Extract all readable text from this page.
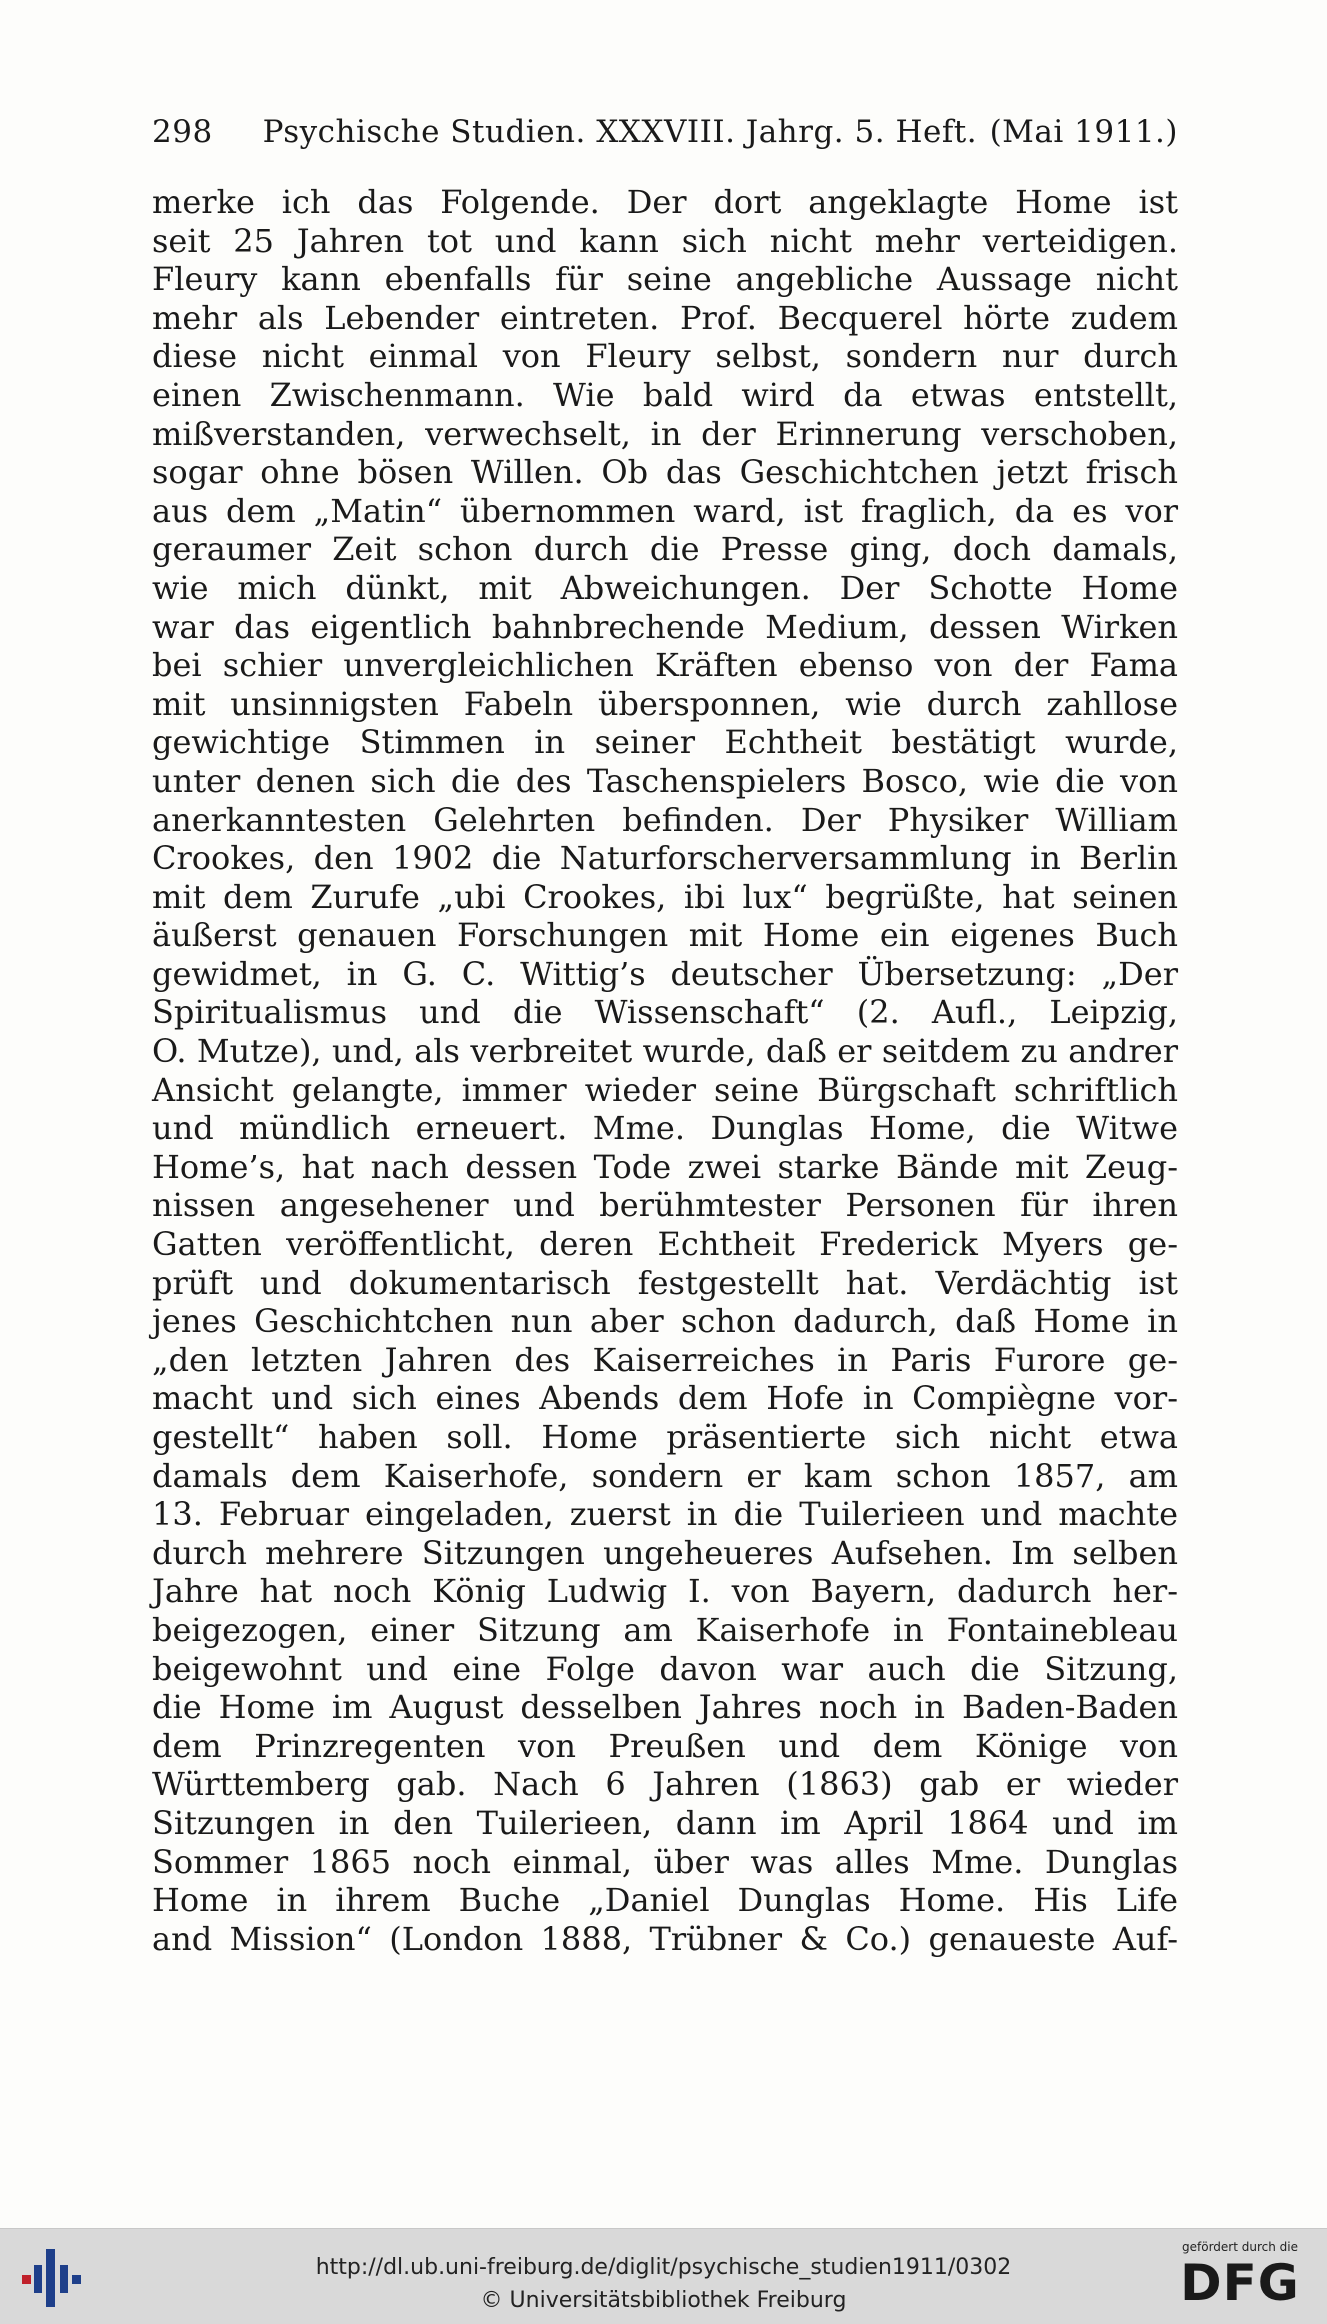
298 Psychische Studien. XXXVIII. Jahrg. 5. Heft. (Mai 1911.)
merke ich das Folgende. Der dort angeklagte Home ist
seit 25 Jahren tot und kann sich nicht mehr verteidigen.
Fleury kann ebenfalls für seine angebliche Aussage nicht
mehr als Lebender eintreten. Prof. Becquerel hörte zudem
diese nicht einmal von Fleury selbst, sondern nur durch
einen Zwischenmann. Wie bald wird da etwas entstellt,
mißverstanden, verwechselt, in der Erinnerung verschoben,
sogar ohne bösen Willen. Ob das Geschichtchen jetzt frisch
aus dem „Matin“ übernommen ward, ist fraglich, da es vor
geraumer Zeit schon durch die Presse ging, doch damals,
wie mich dünkt, mit Abweichungen. Der Schotte Home
war das eigentlich bahnbrechende Medium, dessen Wirken
bei schier unvergleichlichen Kräften ebenso von der Fama
mit unsinnigsten Fabeln übersponnen, wie durch zahllose
gewichtige Stimmen in seiner Echtheit bestätigt wurde,
unter denen sich die des Taschenspielers Bosco, wie die von
anerkanntesten Gelehrten befinden. Der Physiker William
Crookes, den 1902 die Naturforscherversammlung in Berlin
mit dem Zurufe „ubi Crookes, ibi lux“ begrüßte, hat seinen
äußerst genauen Forschungen mit Home ein eigenes Buch
gewidmet, in G. C. Wittig’s deutscher Übersetzung: „Der
Spiritualismus und die Wissenschaft“ (2. Aufl., Leipzig,
O. Mutze), und, als verbreitet wurde, daß er seitdem zu andrer
Ansicht gelangte, immer wieder seine Bürgschaft schriftlich
und mündlich erneuert. Mme. Dunglas Home, die Witwe
Home’s, hat nach dessen Tode zwei starke Bände mit Zeug-
nissen angesehener und berühmtester Personen für ihren
Gatten veröffentlicht, deren Echtheit Frederick Myers ge-
prüft und dokumentarisch festgestellt hat. Verdächtig ist
jenes Geschichtchen nun aber schon dadurch, daß Home in
„den letzten Jahren des Kaiserreiches in Paris Furore ge-
macht und sich eines Abends dem Hofe in Compiègne vor-
gestellt“ haben soll. Home präsentierte sich nicht etwa
damals dem Kaiserhofe, sondern er kam schon 1857, am
13. Februar eingeladen, zuerst in die Tuilerieen und machte
durch mehrere Sitzungen ungeheueres Aufsehen. Im selben
Jahre hat noch König Ludwig I. von Bayern, dadurch her-
beigezogen, einer Sitzung am Kaiserhofe in Fontainebleau
beigewohnt und eine Folge davon war auch die Sitzung,
die Home im August desselben Jahres noch in Baden-Baden
dem Prinzregenten von Preußen und dem Könige von
Württemberg gab. Nach 6 Jahren (1863) gab er wieder
Sitzungen in den Tuilerieen, dann im April 1864 und im
Sommer 1865 noch einmal, über was alles Mme. Dunglas
Home in ihrem Buche „Daniel Dunglas Home. His Life
and Mission“ (London 1888, Trübner & Co.) genaueste Auf-
http://dl.ub.uni-freiburg.de/diglit/psychische_studien1911/0302
© Universitätsbibliothek Freiburg
gefördert durch die
DFG
